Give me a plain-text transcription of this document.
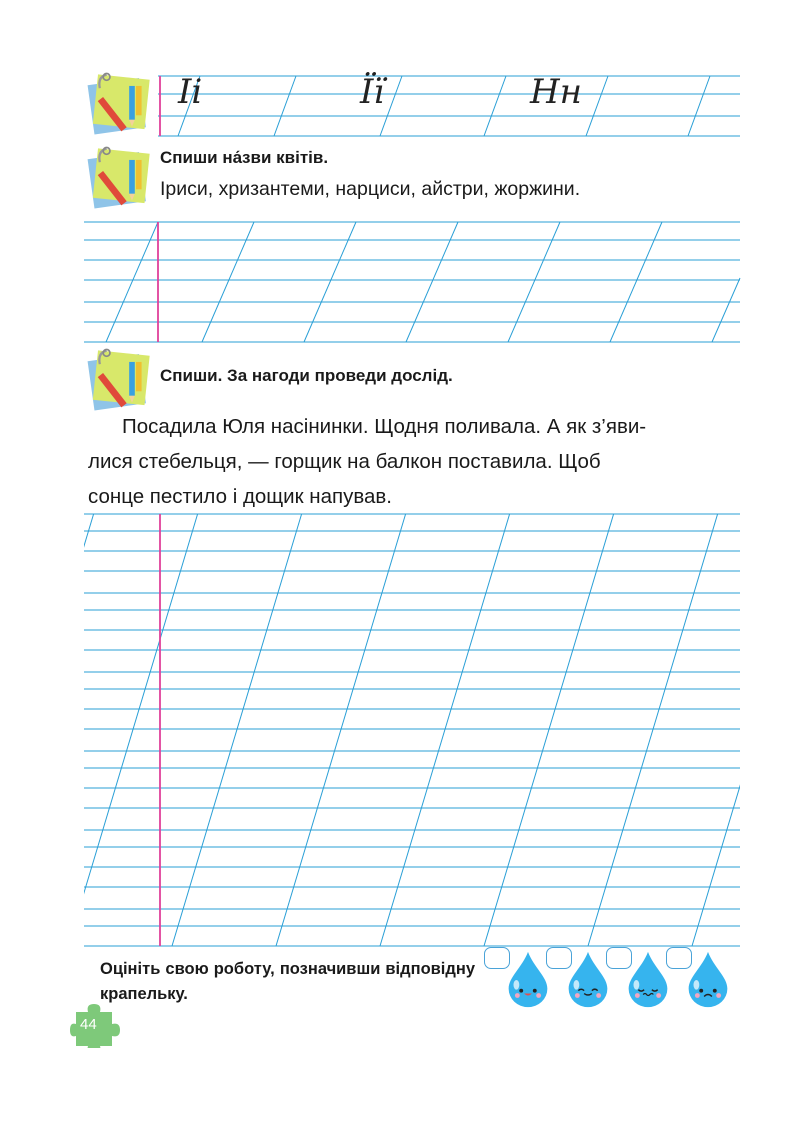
Іі	Її	Нн
Спиши на́зви квітів.
Іриси, хризантеми, нарциси, айстри, жоржини.
Спиши. За нагоди проведи дослід.
Посадила Юля насінинки. Щодня поливала. А як з’яви-
лися стебельця, — горщик на балкон поставила. Щоб
сонце пестило і дощик напував.
Оцініть свою роботу, позначивши відповідну крапельку.
44
